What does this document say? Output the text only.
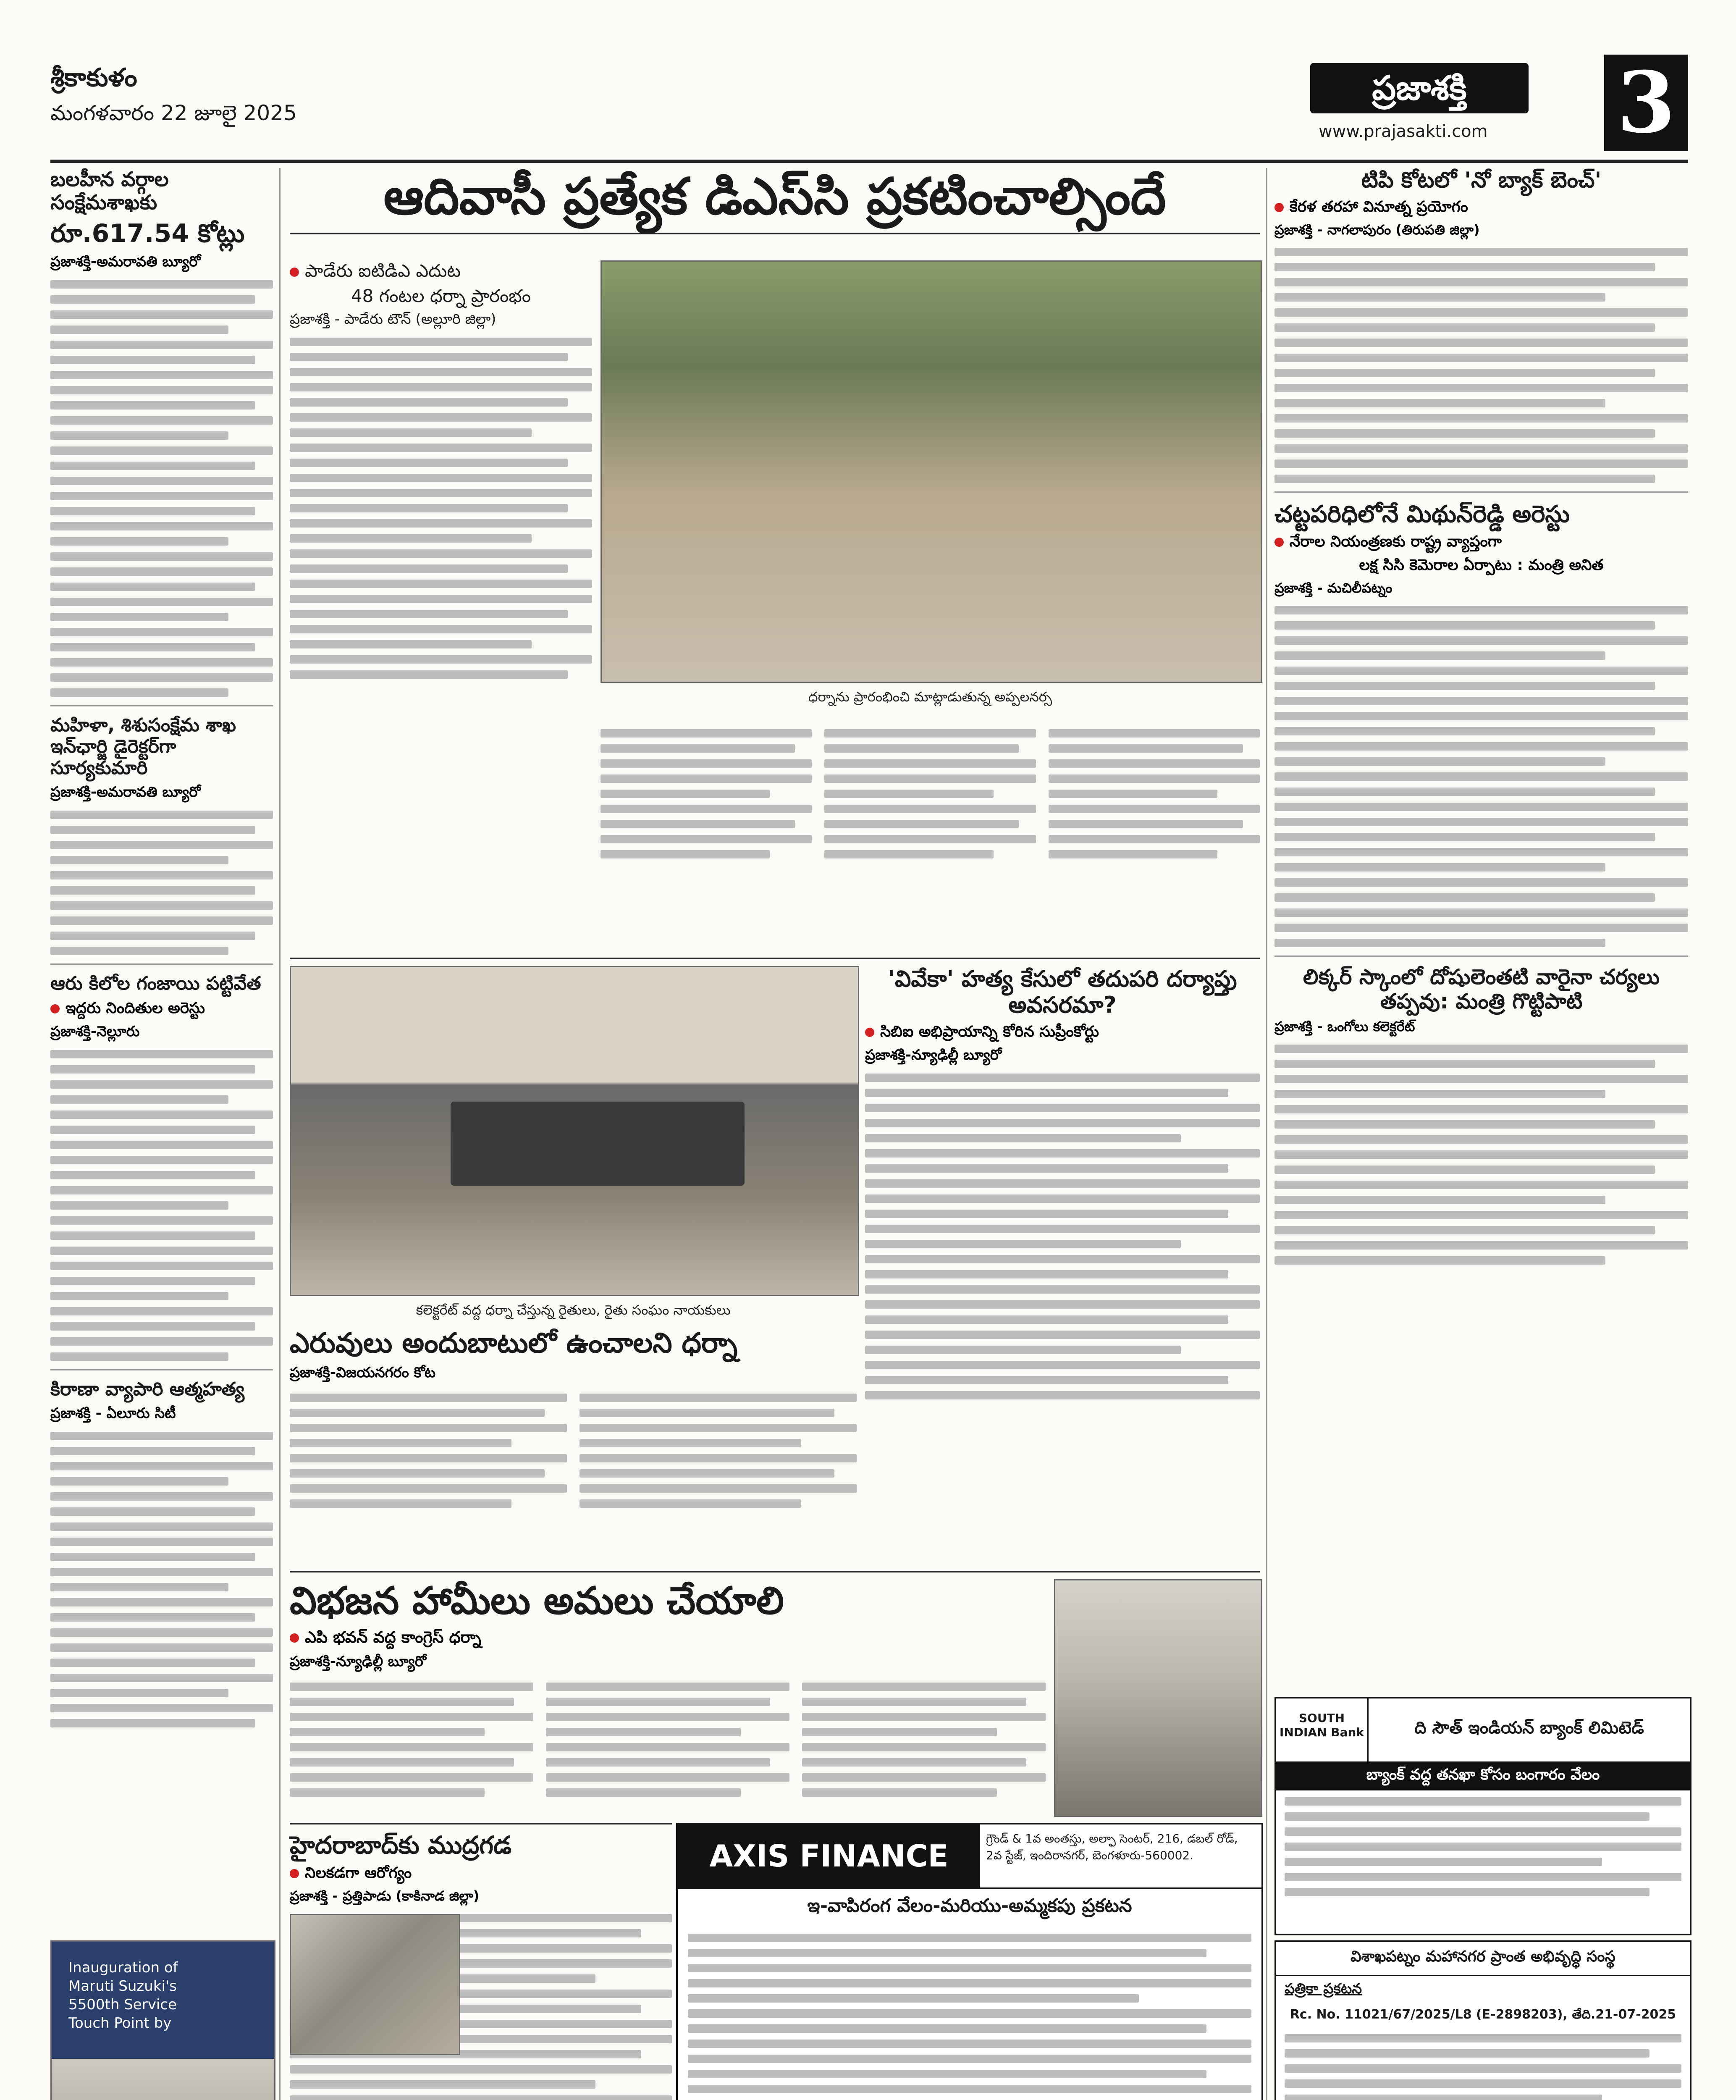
శ్రీకాకుళం
మంగళవారం 22 జూలై 2025
ప్రజాశక్తి
www.prajasakti.com 3
బలహీన వర్గాల సంక్షేమశాఖకు
రూ.617.54 కోట్లు
ప్రజాశక్తి-అమరావతి బ్యూరో
మహిళా, శిశుసంక్షేమ శాఖ ఇన్‌ఛార్జి డైరెక్టర్‌గా సూర్యకుమారి
ప్రజాశక్తి-అమరావతి బ్యూరో
ఆరు కిలోల గంజాయి పట్టివేత
ఇద్దరు నిందితుల అరెస్టు
ప్రజాశక్తి-నెల్లూరు
కిరాణా వ్యాపారి ఆత్మహత్య
ప్రజాశక్తి - ఏలూరు సిటీ
Inauguration of Maruti Suzuki's 5500th Service Touch Point by
ఆదివాసీ ప్రత్యేక డిఎస్‌సి ప్రకటించాల్సిందే
పాడేరు ఐటిడిఎ ఎదుట
48 గంటల ధర్నా ప్రారంభం
ప్రజాశక్తి - పాడేరు టౌన్ (అల్లూరి జిల్లా)
ధర్నాను ప్రారంభించి మాట్లాడుతున్న అప్పలనర్స
కలెక్టరేట్ వద్ద ధర్నా చేస్తున్న రైతులు, రైతు సంఘం నాయకులు
'వివేకా' హత్య కేసులో తదుపరి దర్యాప్తు అవసరమా?
సిబిఐ అభిప్రాయాన్ని కోరిన సుప్రీంకోర్టు
ప్రజాశక్తి-న్యూఢిల్లీ బ్యూరో
ఎరువులు అందుబాటులో ఉంచాలని ధర్నా
ప్రజాశక్తి-విజయనగరం కోట
విభజన హామీలు అమలు చేయాలి
ఎపి భవన్ వద్ద కాంగ్రెస్ ధర్నా
ప్రజాశక్తి-న్యూఢిల్లీ బ్యూరో
హైదరాబాద్‌కు ముద్రగడ
నిలకడగా ఆరోగ్యం
ప్రజాశక్తి - ప్రత్తిపాడు (కాకినాడ జిల్లా)
AXIS FINANCE LIMITED
గ్రౌండ్ & 1వ అంతస్తు, అల్ఫా సెంటర్, 216, డబల్ రోడ్, 2వ స్టేజ్, ఇందిరానగర్, బెంగళూరు-560002.
ఇ-వాపిరంగ వేలం-మరియు-అమ్మకపు ప్రకటన
టిపి కోటలో 'నో బ్యాక్ బెంచ్'
కేరళ తరహా వినూత్న ప్రయోగం
ప్రజాశక్తి - నాగలాపురం (తిరుపతి జిల్లా)
చట్టపరిధిలోనే మిథున్‌రెడ్డి అరెస్టు
నేరాల నియంత్రణకు రాష్ట్ర వ్యాప్తంగా
లక్ష సిసి కెమెరాల ఏర్పాటు : మంత్రి అనిత
ప్రజాశక్తి - మచిలీపట్నం
లిక్కర్ స్కాంలో దోషులెంతటి వారైనా చర్యలు తప్పవు: మంత్రి గొట్టిపాటి
ప్రజాశక్తి - ఒంగోలు కలెక్టరేట్
SOUTH INDIAN Bank	ది సౌత్ ఇండియన్ బ్యాంక్ లిమిటెడ్
బ్యాంక్ వద్ద తనఖా కోసం బంగారం వేలం
విశాఖపట్నం మహానగర ప్రాంత అభివృద్ధి సంస్థ
పత్రికా ప్రకటన
Rc. No. 11021/67/2025/L8 (E-2898203), తేది.21-07-2025
